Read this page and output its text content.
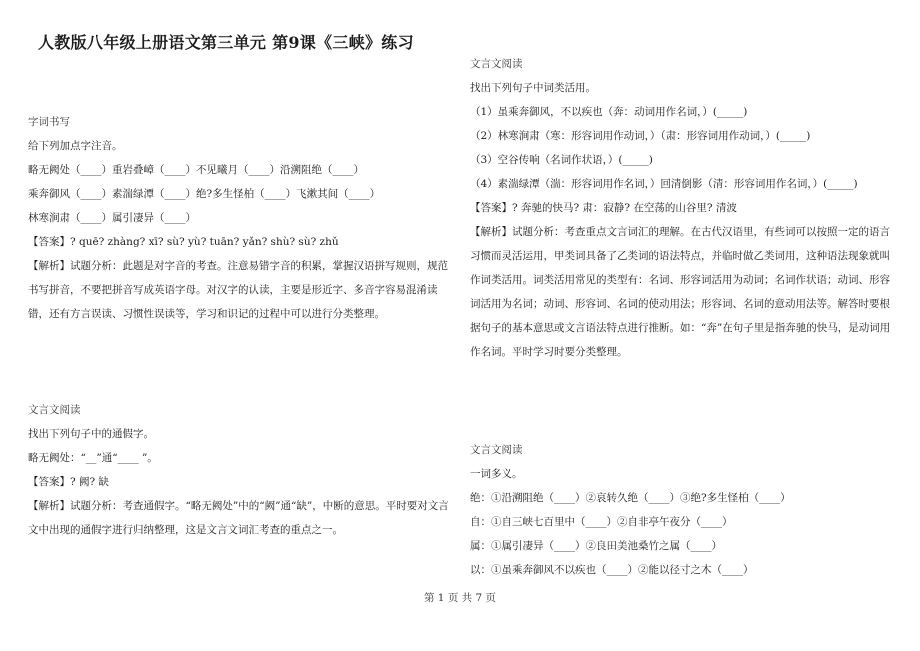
人教版八年级上册语文第三单元 第9课《三峡》练习

字词书写

给下列加点字注音。

略无阙处（____）重岩叠嶂（____）不见曦月（____）沿溯阻绝（____）

乘奔御风（____）素湍绿潭（____）绝?多生怪柏（____）飞漱其间（____）

林寒涧肃（____）属引凄异（____）

【答案】? quē? zhàng? xī? sù? yù? tuān? yǎn? shù? sù? zhǔ

【解析】试题分析：此题是对字音的考查。注意易错字音的积累，掌握汉语拼写规则，规范书写拼音，不要把拼音写成英语字母。对汉字的认读，主要是形近字、多音字容易混淆读错，还有方言误读、习惯性误读等，学习和识记的过程中可以进行分类整理。

文言文阅读

找出下列句子中的通假字。

略无阙处：“__”通“____ ”。

【答案】? 阙? 缺

【解析】试题分析：考查通假字。“略无阙处”中的“阙”通“缺”，中断的意思。平时要对文言文中出现的通假字进行归纳整理，这是文言文词汇考查的重点之一。

文言文阅读

找出下列句子中词类活用。

（1）虽乘奔御风，不以疾也（奔：动词用作名词，）(_____)

（2）林寒涧肃（寒：形容词用作动词，）（肃：形容词用作动词，）(_____)

（3）空谷传响（名词作状语，）(_____)

（4）素湍绿潭（湍：形容词用作名词，）回清倒影（清：形容词用作名词，）(_____)

【答案】? 奔驰的快马? 肃：寂静? 在空荡的山谷里? 清波

【解析】试题分析：考查重点文言词汇的理解。在古代汉语里，有些词可以按照一定的语言习惯而灵活运用，甲类词具备了乙类词的语法特点，并临时做乙类词用，这种语法现象就叫作词类活用。词类活用常见的类型有：名词、形容词活用为动词；名词作状语；动词、形容词活用为名词；动词、形容词、名词的使动用法；形容词、名词的意动用法等。解答时要根据句子的基本意思或文言语法特点进行推断。如：“奔”在句子里是指奔驰的快马，是动词用作名词。平时学习时要分类整理。

文言文阅读

一词多义。

绝：①沿溯阻绝（____）②哀转久绝（____）③绝?多生怪柏（____）

自：①自三峡七百里中（____）②自非亭午夜分（____）

属：①属引凄异（____）②良田美池桑竹之属（____）

以：①虽乘奔御风不以疾也（____）②能以径寸之木（____）

第 1 页 共 7 页
